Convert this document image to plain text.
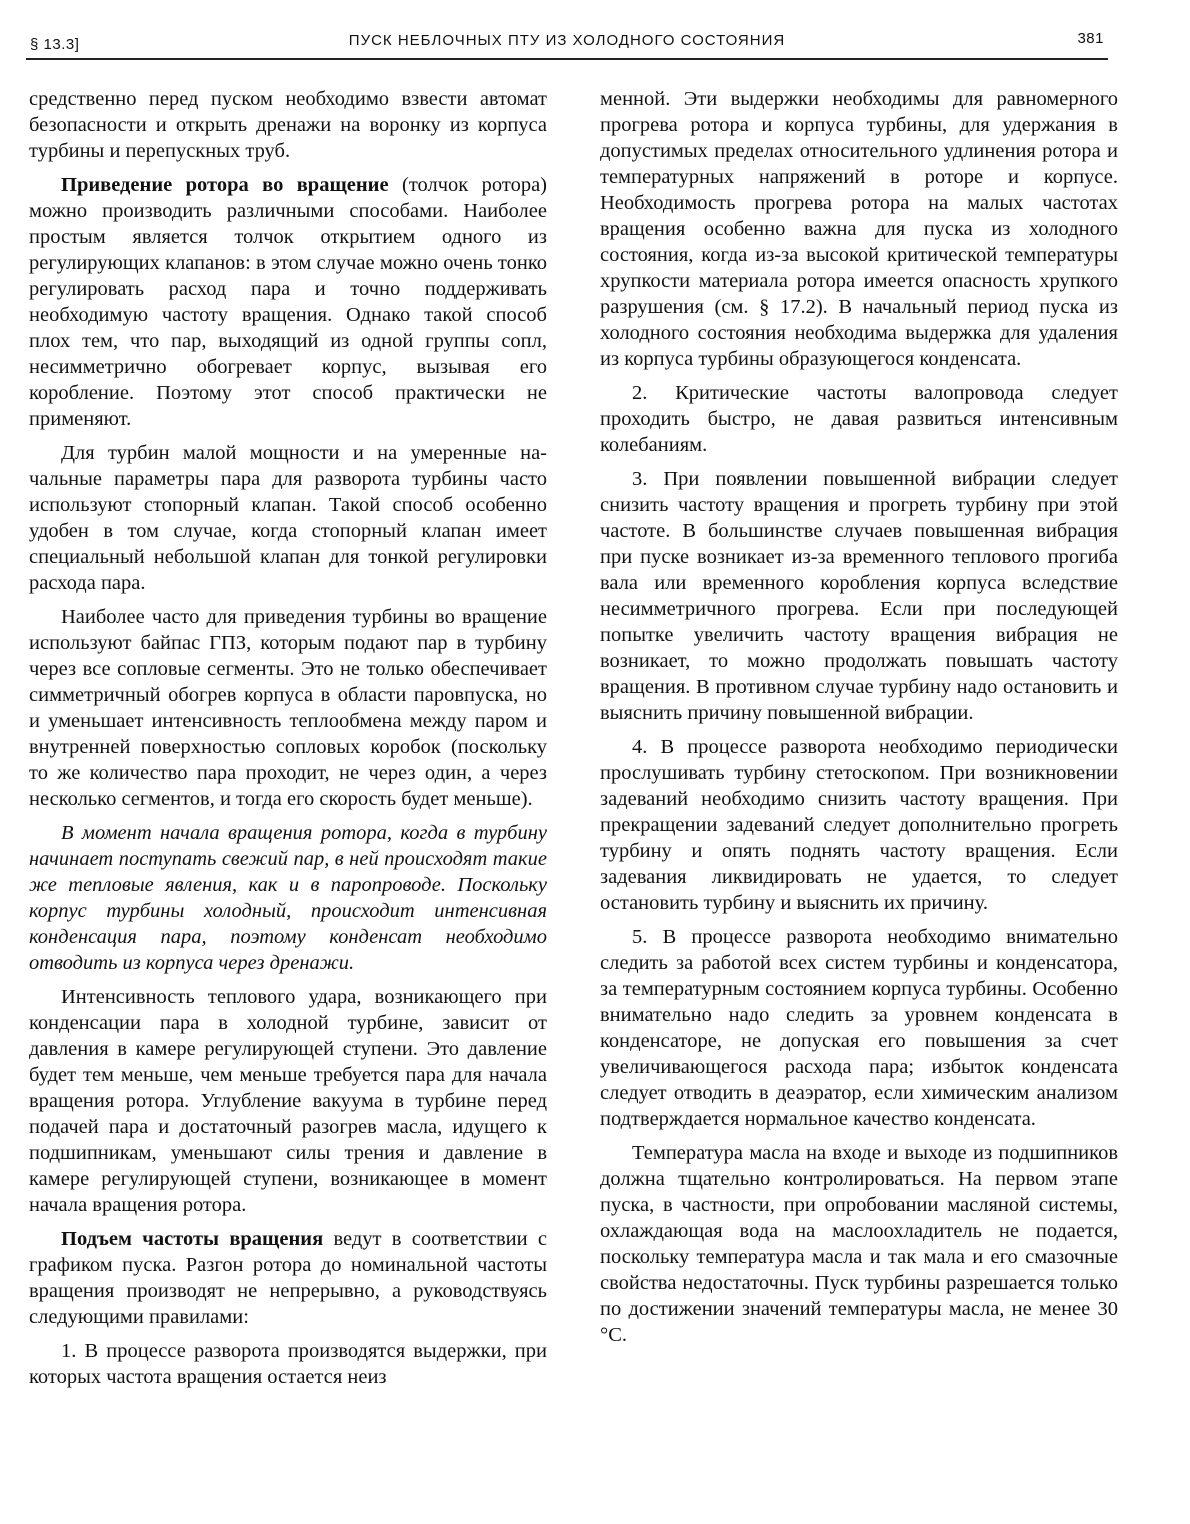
§ 13.3]	ПУСК НЕБЛОЧНЫХ ПТУ ИЗ ХОЛОДНОГО СОСТОЯНИЯ	381

средственно перед пуском необходимо взвести автомат безопасности и открыть дренажи на воронку из корпуса турбины и перепускных труб.

Приведение ротора во вращение (толчок ротора) можно производить различными способами. Наиболее простым является толчок открытием одного из регулирующих клапанов: в этом случае можно очень тонко регулировать расход пара и точно поддерживать необходимую частоту вращения. Однако такой способ плох тем, что пар, выходящий из одной группы сопл, несимметрично обогревает корпус, вызывая его коробление. Поэтому этот способ практически не применяют.

Для турбин малой мощности и на умеренные начальные параметры пара для разворота турбины часто используют стопорный клапан. Такой способ особенно удобен в том случае, когда стопорный клапан имеет специальный небольшой клапан для тонкой регулировки расхода пара.

Наиболее часто для приведения турбины во вращение используют байпас ГПЗ, которым подают пар в турбину через все сопловые сегменты. Это не только обеспечивает симметричный обогрев корпуса в области паровпуска, но и уменьшает интенсивность теплообмена между паром и внутренней поверхностью сопловых коробок (поскольку то же количество пара проходит, не через один, а через несколько сегментов, и тогда его скорость будет меньше).

В момент начала вращения ротора, когда в турбину начинает поступать свежий пар, в ней происходят такие же тепловые явления, как и в паропроводе. Поскольку корпус турбины холодный, происходит интенсивная конденсация пара, поэтому конденсат необходимо отводить из корпуса через дренажи.

Интенсивность теплового удара, возникающего при конденсации пара в холодной турбине, зависит от давления в камере регулирующей ступени. Это давление будет тем меньше, чем меньше требуется пара для начала вращения ротора. Углубление вакуума в турбине перед подачей пара и достаточный разогрев масла, идущего к подшипникам, уменьшают силы трения и давление в камере регулирующей ступени, возникающее в момент начала вращения ротора.

Подъем частоты вращения ведут в соответствии с графиком пуска. Разгон ротора до номинальной частоты вращения производят не непрерывно, а руководствуясь следующими правилами:

1. В процессе разворота производятся выдержки, при которых частота вращения остается неиз

менной. Эти выдержки необходимы для равномерного прогрева ротора и корпуса турбины, для удержания в допустимых пределах относительного удлинения ротора и температурных напряжений в роторе и корпусе. Необходимость прогрева ротора на малых частотах вращения особенно важна для пуска из холодного состояния, когда из-за высокой критической температуры хрупкости материала ротора имеется опасность хрупкого разрушения (см. § 17.2). В начальный период пуска из холодного состояния необходима выдержка для удаления из корпуса турбины образующегося конденсата.

2. Критические частоты валопровода следует проходить быстро, не давая развиться интенсивным колебаниям.

3. При появлении повышенной вибрации следует снизить частоту вращения и прогреть турбину при этой частоте. В большинстве случаев повышенная вибрация при пуске возникает из-за временного теплового прогиба вала или временного коробления корпуса вследствие несимметричного прогрева. Если при последующей попытке увеличить частоту вращения вибрация не возникает, то можно продолжать повышать частоту вращения. В противном случае турбину надо остановить и выяснить причину повышенной вибрации.

4. В процессе разворота необходимо периодически прослушивать турбину стетоскопом. При возникновении задеваний необходимо снизить частоту вращения. При прекращении задеваний следует дополнительно прогреть турбину и опять поднять частоту вращения. Если задевания ликвидировать не удается, то следует остановить турбину и выяснить их причину.

5. В процессе разворота необходимо внимательно следить за работой всех систем турбины и конденсатора, за температурным состоянием корпуса турбины. Особенно внимательно надо следить за уровнем конденсата в конденсаторе, не допуская его повышения за счет увеличивающегося расхода пара; избыток конденсата следует отводить в деаэратор, если химическим анализом подтверждается нормальное качество конденсата.

Температура масла на входе и выходе из подшипников должна тщательно контролироваться. На первом этапе пуска, в частности, при опробовании масляной системы, охлаждающая вода на маслоохладитель не подается, поскольку температура масла и так мала и его смазочные свойства недостаточны. Пуск турбины разрешается только по достижении значений температуры масла, не менее 30 °С.
